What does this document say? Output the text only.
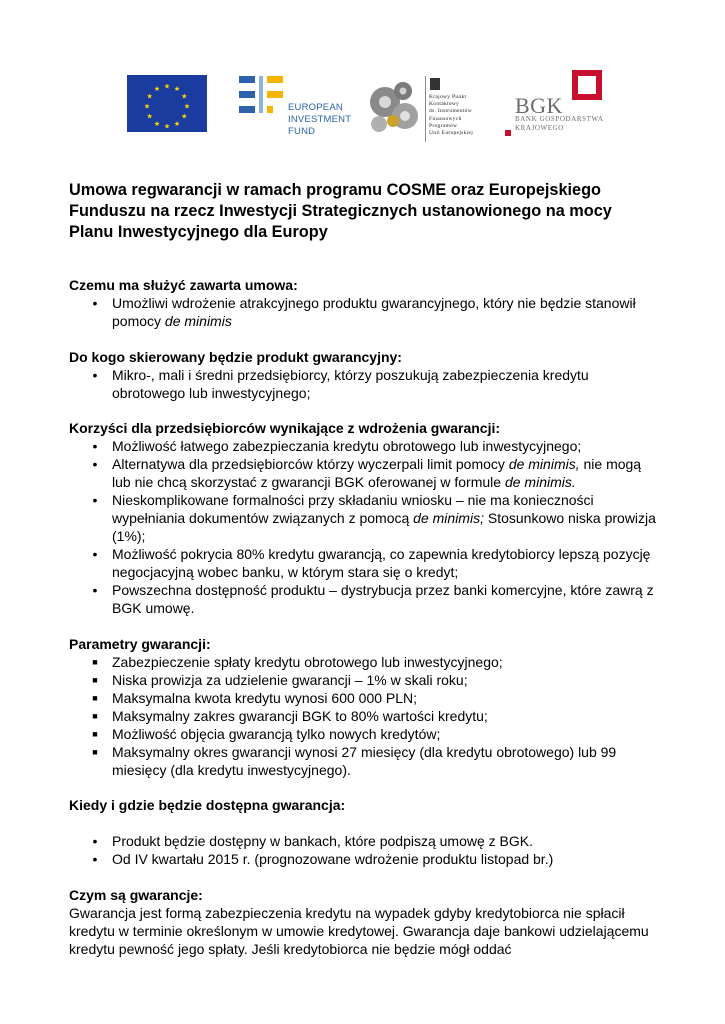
★ ★
★
★
★
★
★
★
★
★
★
★
EUROPEAN
INVESTMENT
FUND
Krajowy Punkt
Kontaktowy
ds. Instrumentów
Finansowych
Programów
Unii Europejskiej
BGK
BANK GOSPODARSTWA
KRAJOWEGO
Umowa regwarancji w ramach programu COSME oraz Europejskiego Funduszu na rzecz Inwestycji Strategicznych ustanowionego na mocy Planu Inwestycyjnego dla Europy

Czemu ma służyć zawarta umowa:

• Umożliwi wdrożenie atrakcyjnego produktu gwarancyjnego, który nie będzie stanowił pomocy de minimis

Do kogo skierowany będzie produkt gwarancyjny:

• Mikro-, mali i średni przedsiębiorcy, którzy poszukują zabezpieczenia kredytu obrotowego lub inwestycyjnego;

Korzyści dla przedsiębiorców wynikające z wdrożenia gwarancji:

• Możliwość łatwego zabezpieczania kredytu obrotowego lub inwestycyjnego;
• Alternatywa dla przedsiębiorców którzy wyczerpali limit pomocy de minimis, nie mogą lub nie chcą skorzystać z gwarancji BGK oferowanej w formule de minimis.
• Nieskomplikowane formalności przy składaniu wniosku – nie ma konieczności wypełniania dokumentów związanych z pomocą de minimis; Stosunkowo niska prowizja (1%);
• Możliwość pokrycia 80% kredytu gwarancją, co zapewnia kredytobiorcy lepszą pozycję negocjacyjną wobec banku, w którym stara się o kredyt;
• Powszechna dostępność produktu – dystrybucja przez banki komercyjne, które zawrą z BGK umowę.

Parametry gwarancji:

■ Zabezpieczenie spłaty kredytu obrotowego lub inwestycyjnego;
■ Niska prowizja za udzielenie gwarancji – 1% w skali roku;
■ Maksymalna kwota kredytu wynosi 600 000 PLN;
■ Maksymalny zakres gwarancji BGK to 80% wartości kredytu;
■ Możliwość objęcia gwarancją tylko nowych kredytów;
■ Maksymalny okres gwarancji wynosi 27 miesięcy (dla kredytu obrotowego) lub 99 miesięcy (dla kredytu inwestycyjnego).

Kiedy i gdzie będzie dostępna gwarancja:

• Produkt będzie dostępny w bankach, które podpiszą umowę z BGK.
• Od IV kwartału 2015 r. (prognozowane wdrożenie produktu listopad br.)

Czym są gwarancje:

Gwarancja jest formą zabezpieczenia kredytu na wypadek gdyby kredytobiorca nie spłacił kredytu w terminie określonym w umowie kredytowej. Gwarancja daje bankowi udzielającemu kredytu pewność jego spłaty. Jeśli kredytobiorca nie będzie mógł oddać
